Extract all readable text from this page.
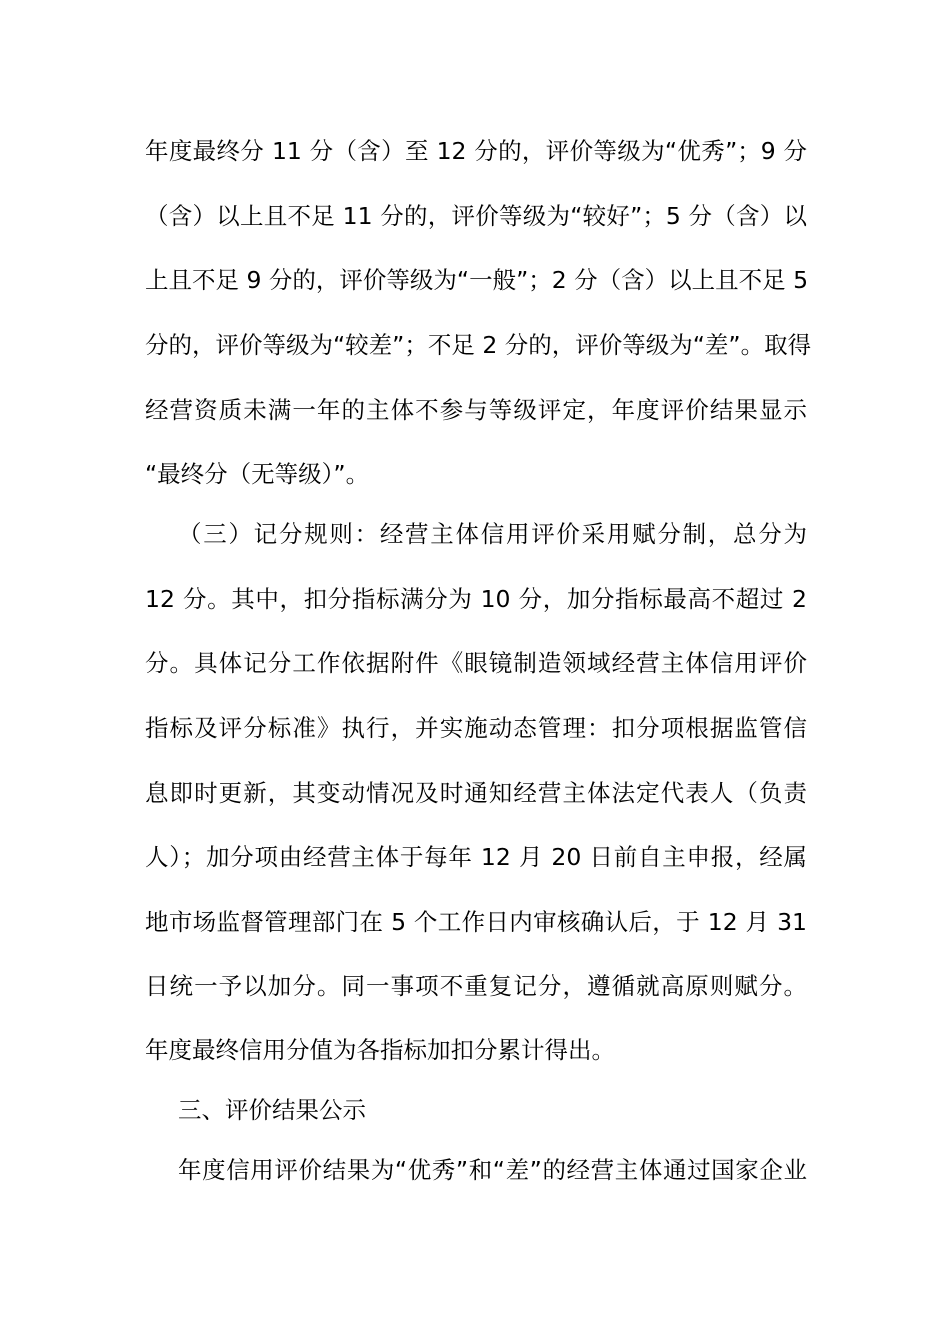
年度最终分 11 分（含）至 12 分的，评价等级为“优秀”；9 分
（含）以上且不足 11 分的，评价等级为“较好”；5 分（含）以
上且不足 9 分的，评价等级为“一般”；2 分（含）以上且不足 5
分的，评价等级为“较差”；不足 2 分的，评价等级为“差”。取得
经营资质未满一年的主体不参与等级评定，年度评价结果显示
“最终分（无等级）”。
（三）记分规则：经营主体信用评价采用赋分制，总分为
12 分。其中，扣分指标满分为 10 分，加分指标最高不超过 2
分。具体记分工作依据附件《眼镜制造领域经营主体信用评价
指标及评分标准》执行，并实施动态管理：扣分项根据监管信
息即时更新，其变动情况及时通知经营主体法定代表人（负责
人）；加分项由经营主体于每年 12 月 20 日前自主申报，经属
地市场监督管理部门在 5 个工作日内审核确认后，于 12 月 31
日统一予以加分。同一事项不重复记分，遵循就高原则赋分。
年度最终信用分值为各指标加扣分累计得出。
三、评价结果公示
年度信用评价结果为“优秀”和“差”的经营主体通过国家企业
